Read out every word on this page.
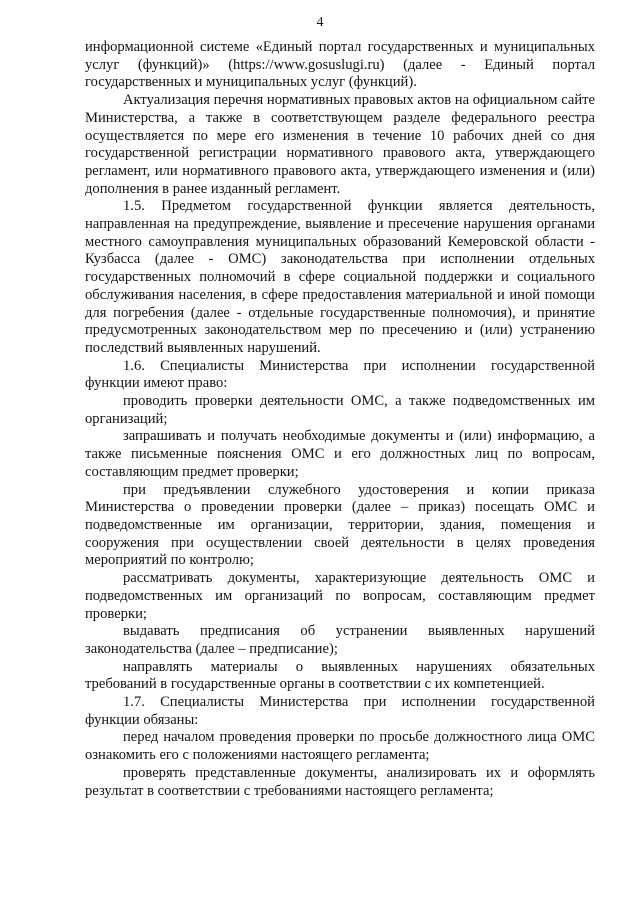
4

информационной системе «Единый портал государственных и муниципальных услуг (функций)» (https://www.gosuslugi.ru) (далее - Единый портал государственных и муниципальных услуг (функций).

Актуализация перечня нормативных правовых актов на официальном сайте Министерства, а также в соответствующем разделе федерального реестра осуществляется по мере его изменения в течение 10 рабочих дней со дня государственной регистрации нормативного правового акта, утверждающего регламент, или нормативного правового акта, утверждающего изменения и (или) дополнения в ранее изданный регламент.

1.5. Предметом государственной функции является деятельность, направленная на предупреждение, выявление и пресечение нарушения органами местного самоуправления муниципальных образований Кемеровской области - Кузбасса (далее - ОМС) законодательства при исполнении отдельных государственных полномочий в сфере социальной поддержки и социального обслуживания населения, в сфере предоставления материальной и иной помощи для погребения (далее - отдельные государственные полномочия), и принятие предусмотренных законодательством мер по пресечению и (или) устранению последствий выявленных нарушений.

1.6. Специалисты Министерства при исполнении государственной функции имеют право:

проводить проверки деятельности ОМС, а также подведомственных им организаций;

запрашивать и получать необходимые документы и (или) информацию, а также письменные пояснения ОМС и его должностных лиц по вопросам, составляющим предмет проверки;

при предъявлении служебного удостоверения и копии приказа Министерства о проведении проверки (далее – приказ) посещать ОМС и подведомственные им организации, территории, здания, помещения и сооружения при осуществлении своей деятельности в целях проведения мероприятий по контролю;

рассматривать документы, характеризующие деятельность ОМС и подведомственных им организаций по вопросам, составляющим предмет проверки;

выдавать предписания об устранении выявленных нарушений законодательства (далее – предписание);

направлять материалы о выявленных нарушениях обязательных требований в государственные органы в соответствии с их компетенцией.

1.7. Специалисты Министерства при исполнении государственной функции обязаны:

перед началом проведения проверки по просьбе должностного лица ОМС ознакомить его с положениями настоящего регламента;

проверять представленные документы, анализировать их и оформлять результат в соответствии с требованиями настоящего регламента;
